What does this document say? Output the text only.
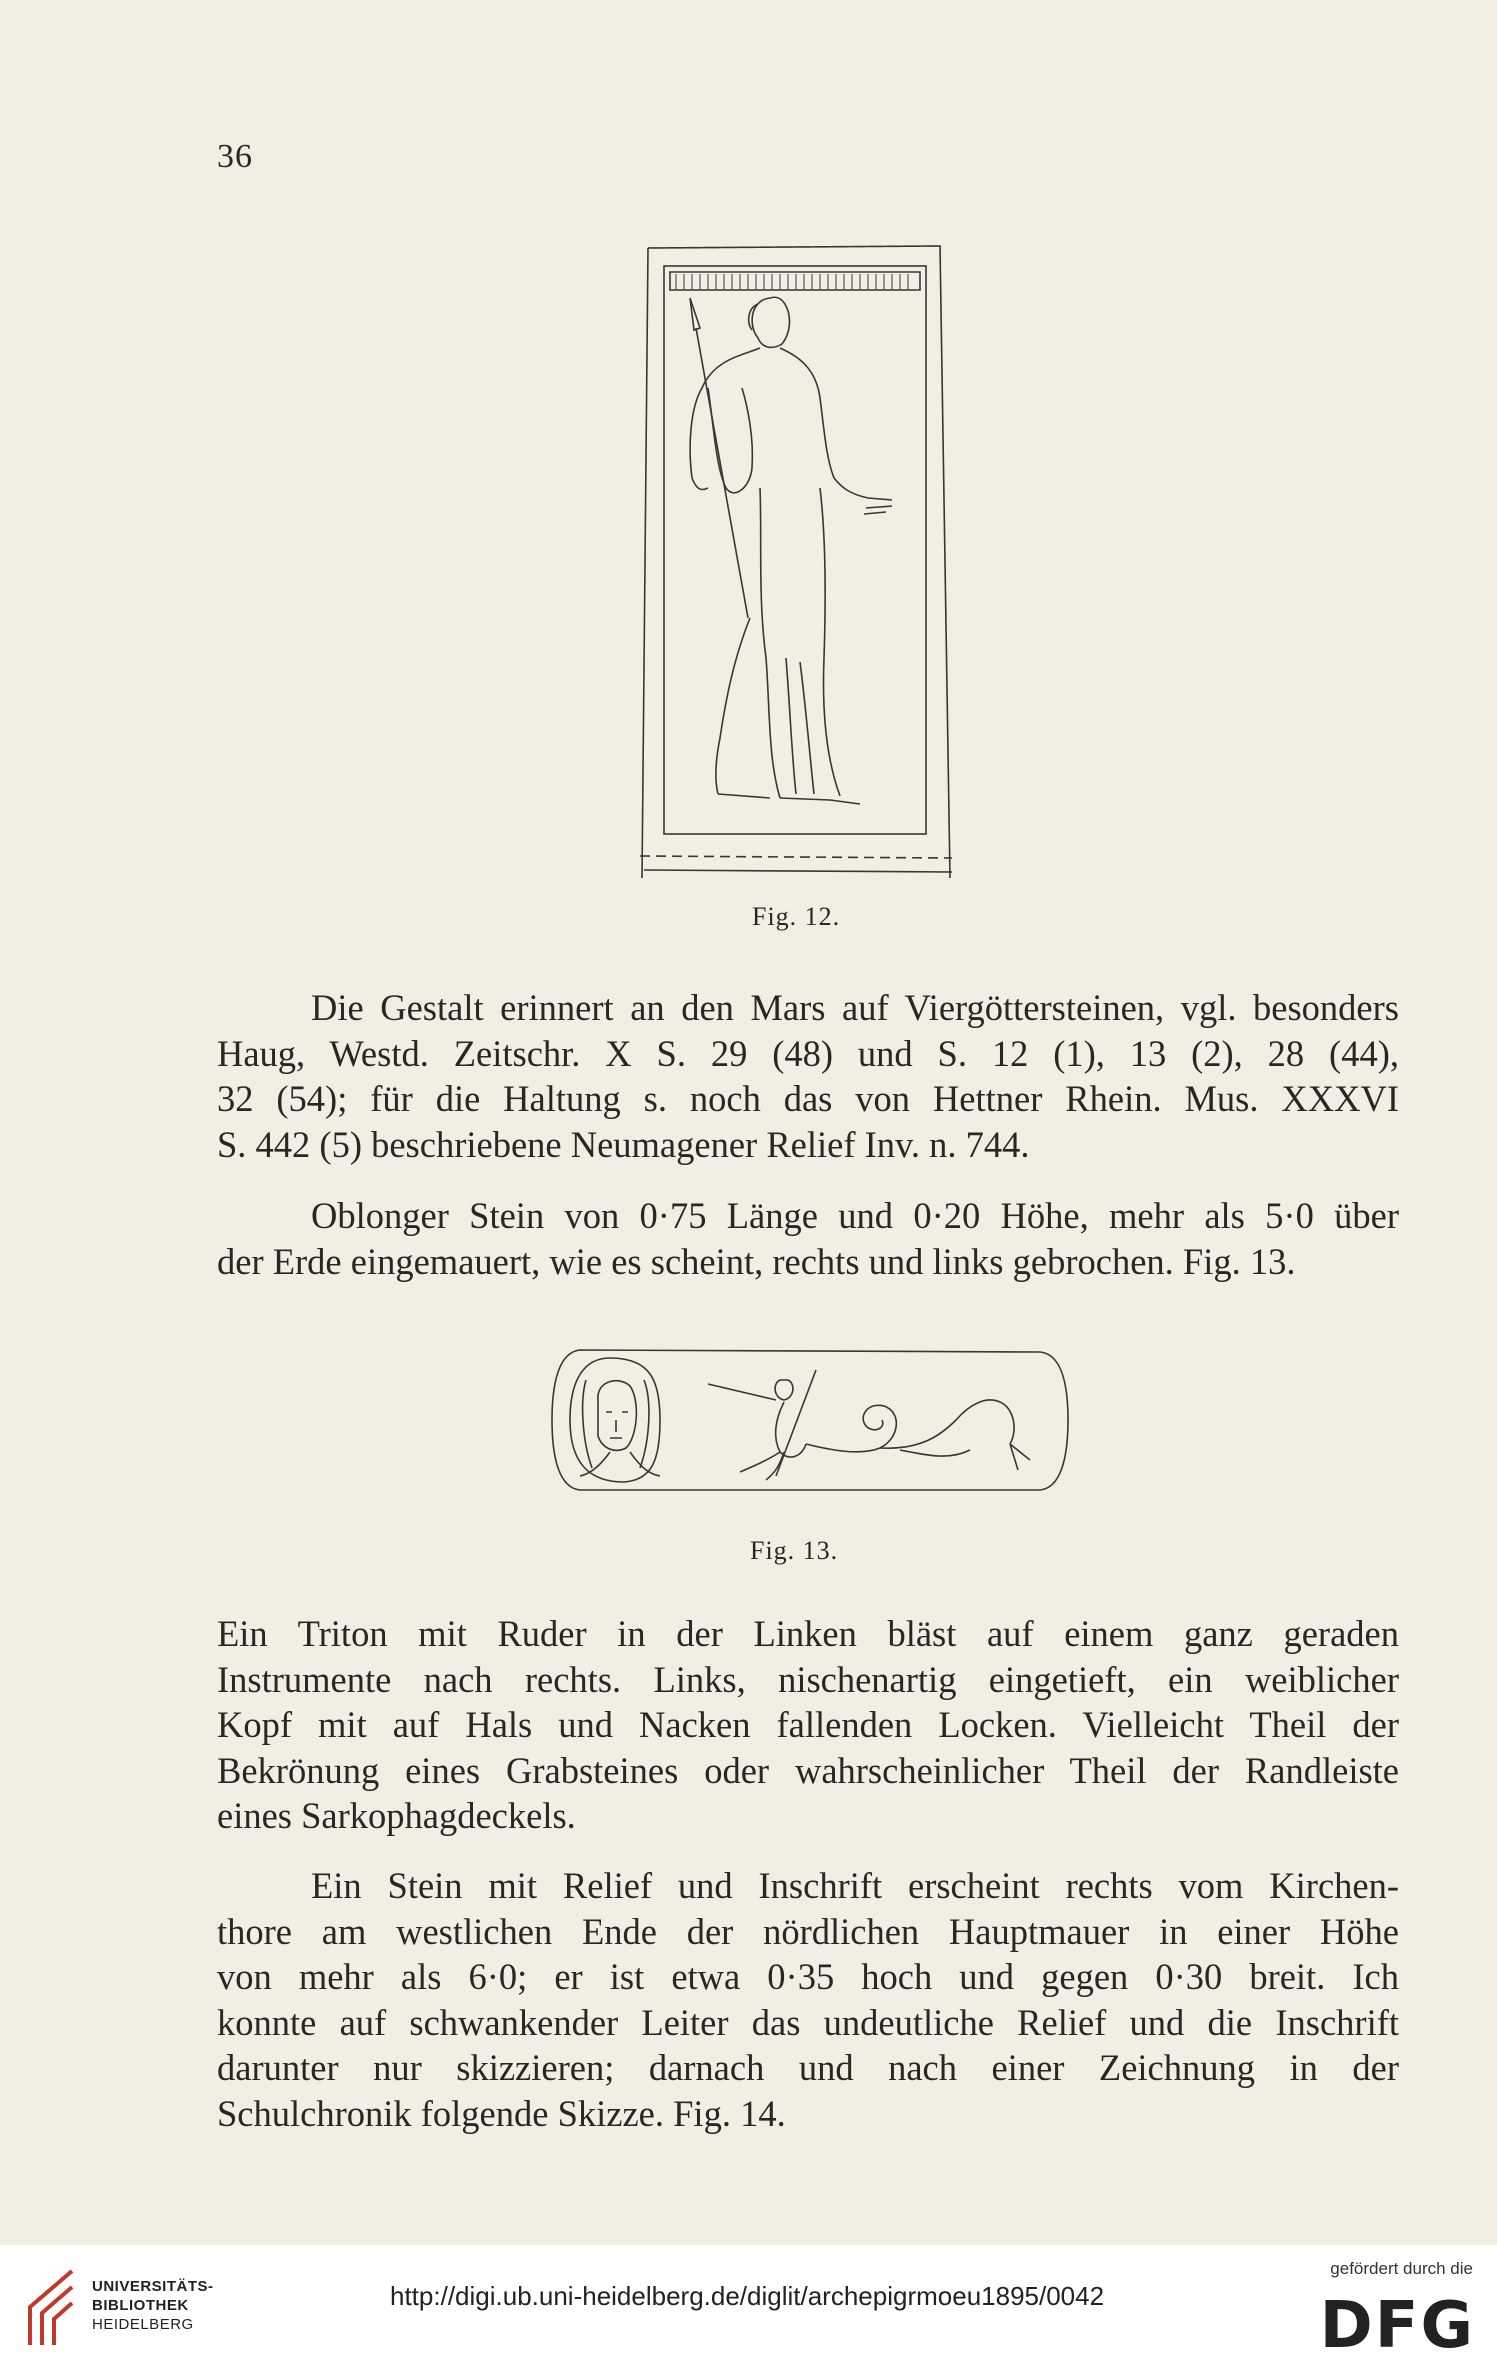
36
Fig. 12.

Die Gestalt erinnert an den Mars auf Viergöttersteinen, vgl. besonders
Haug, Westd. Zeitschr. X S. 29 (48) und S. 12 (1), 13 (2), 28 (44),
32 (54); für die Haltung s. noch das von Hettner Rhein. Mus. XXXVI
S. 442 (5) beschriebene Neumagener Relief Inv. n. 744.

Oblonger Stein von 0·75 Länge und 0·20 Höhe, mehr als 5·0 über
der Erde eingemauert, wie es scheint, rechts und links gebrochen. Fig. 13.

Fig. 13.

Ein Triton mit Ruder in der Linken bläst auf einem ganz geraden
Instrumente nach rechts. Links, nischenartig eingetieft, ein weiblicher
Kopf mit auf Hals und Nacken fallenden Locken. Vielleicht Theil der
Bekrönung eines Grabsteines oder wahrscheinlicher Theil der Randleiste
eines Sarkophagdeckels.

Ein Stein mit Relief und Inschrift erscheint rechts vom Kirchen-
thore am westlichen Ende der nördlichen Hauptmauer in einer Höhe
von mehr als 6·0; er ist etwa 0·35 hoch und gegen 0·30 breit. Ich
konnte auf schwankender Leiter das undeutliche Relief und die Inschrift
darunter nur skizzieren; darnach und nach einer Zeichnung in der
Schulchronik folgende Skizze. Fig. 14.

UNIVERSITÄTS-
BIBLIOTHEK
HEIDELBERG
http://digi.ub.uni-heidelberg.de/diglit/archepigrmoeu1895/0042
gefördert durch die
DFG
